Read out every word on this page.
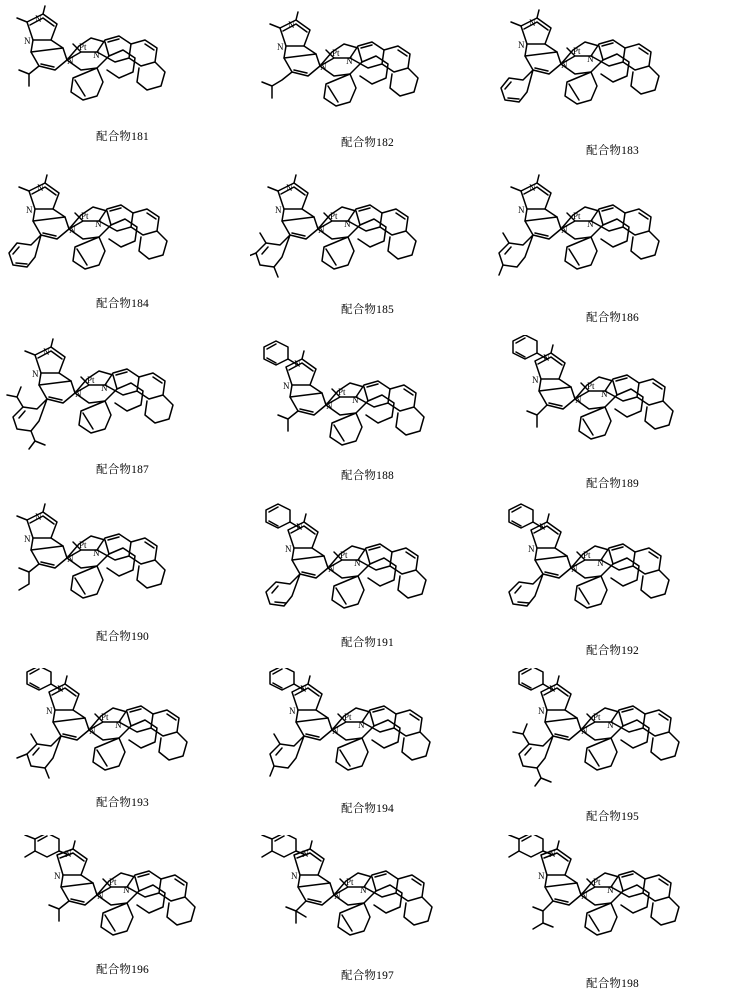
N
N
N
N
Pt
配合物181
N
N
N
N
Pt
配合物182
N
N
N
N
Pt
配合物183
N
N
N
N
Pt
配合物184
N
N
N
N
Pt
配合物185
N
N
N
N
Pt
配合物186
N
N
N
N
Pt
配合物187
N
N
N
N
Pt
配合物188
N
N
N
N
Pt
配合物189
N
N
N
N
Pt
配合物190
N
N
N
N
Pt
配合物191
N
N
N
N
Pt
配合物192
N
N
N
N
Pt
配合物193
N
N
N
N
Pt
配合物194
N
N
N
N
Pt
配合物195
N
N
N
N
Pt
配合物196
N
N
N
N
Pt
配合物197
N
N
N
N
Pt
配合物198
